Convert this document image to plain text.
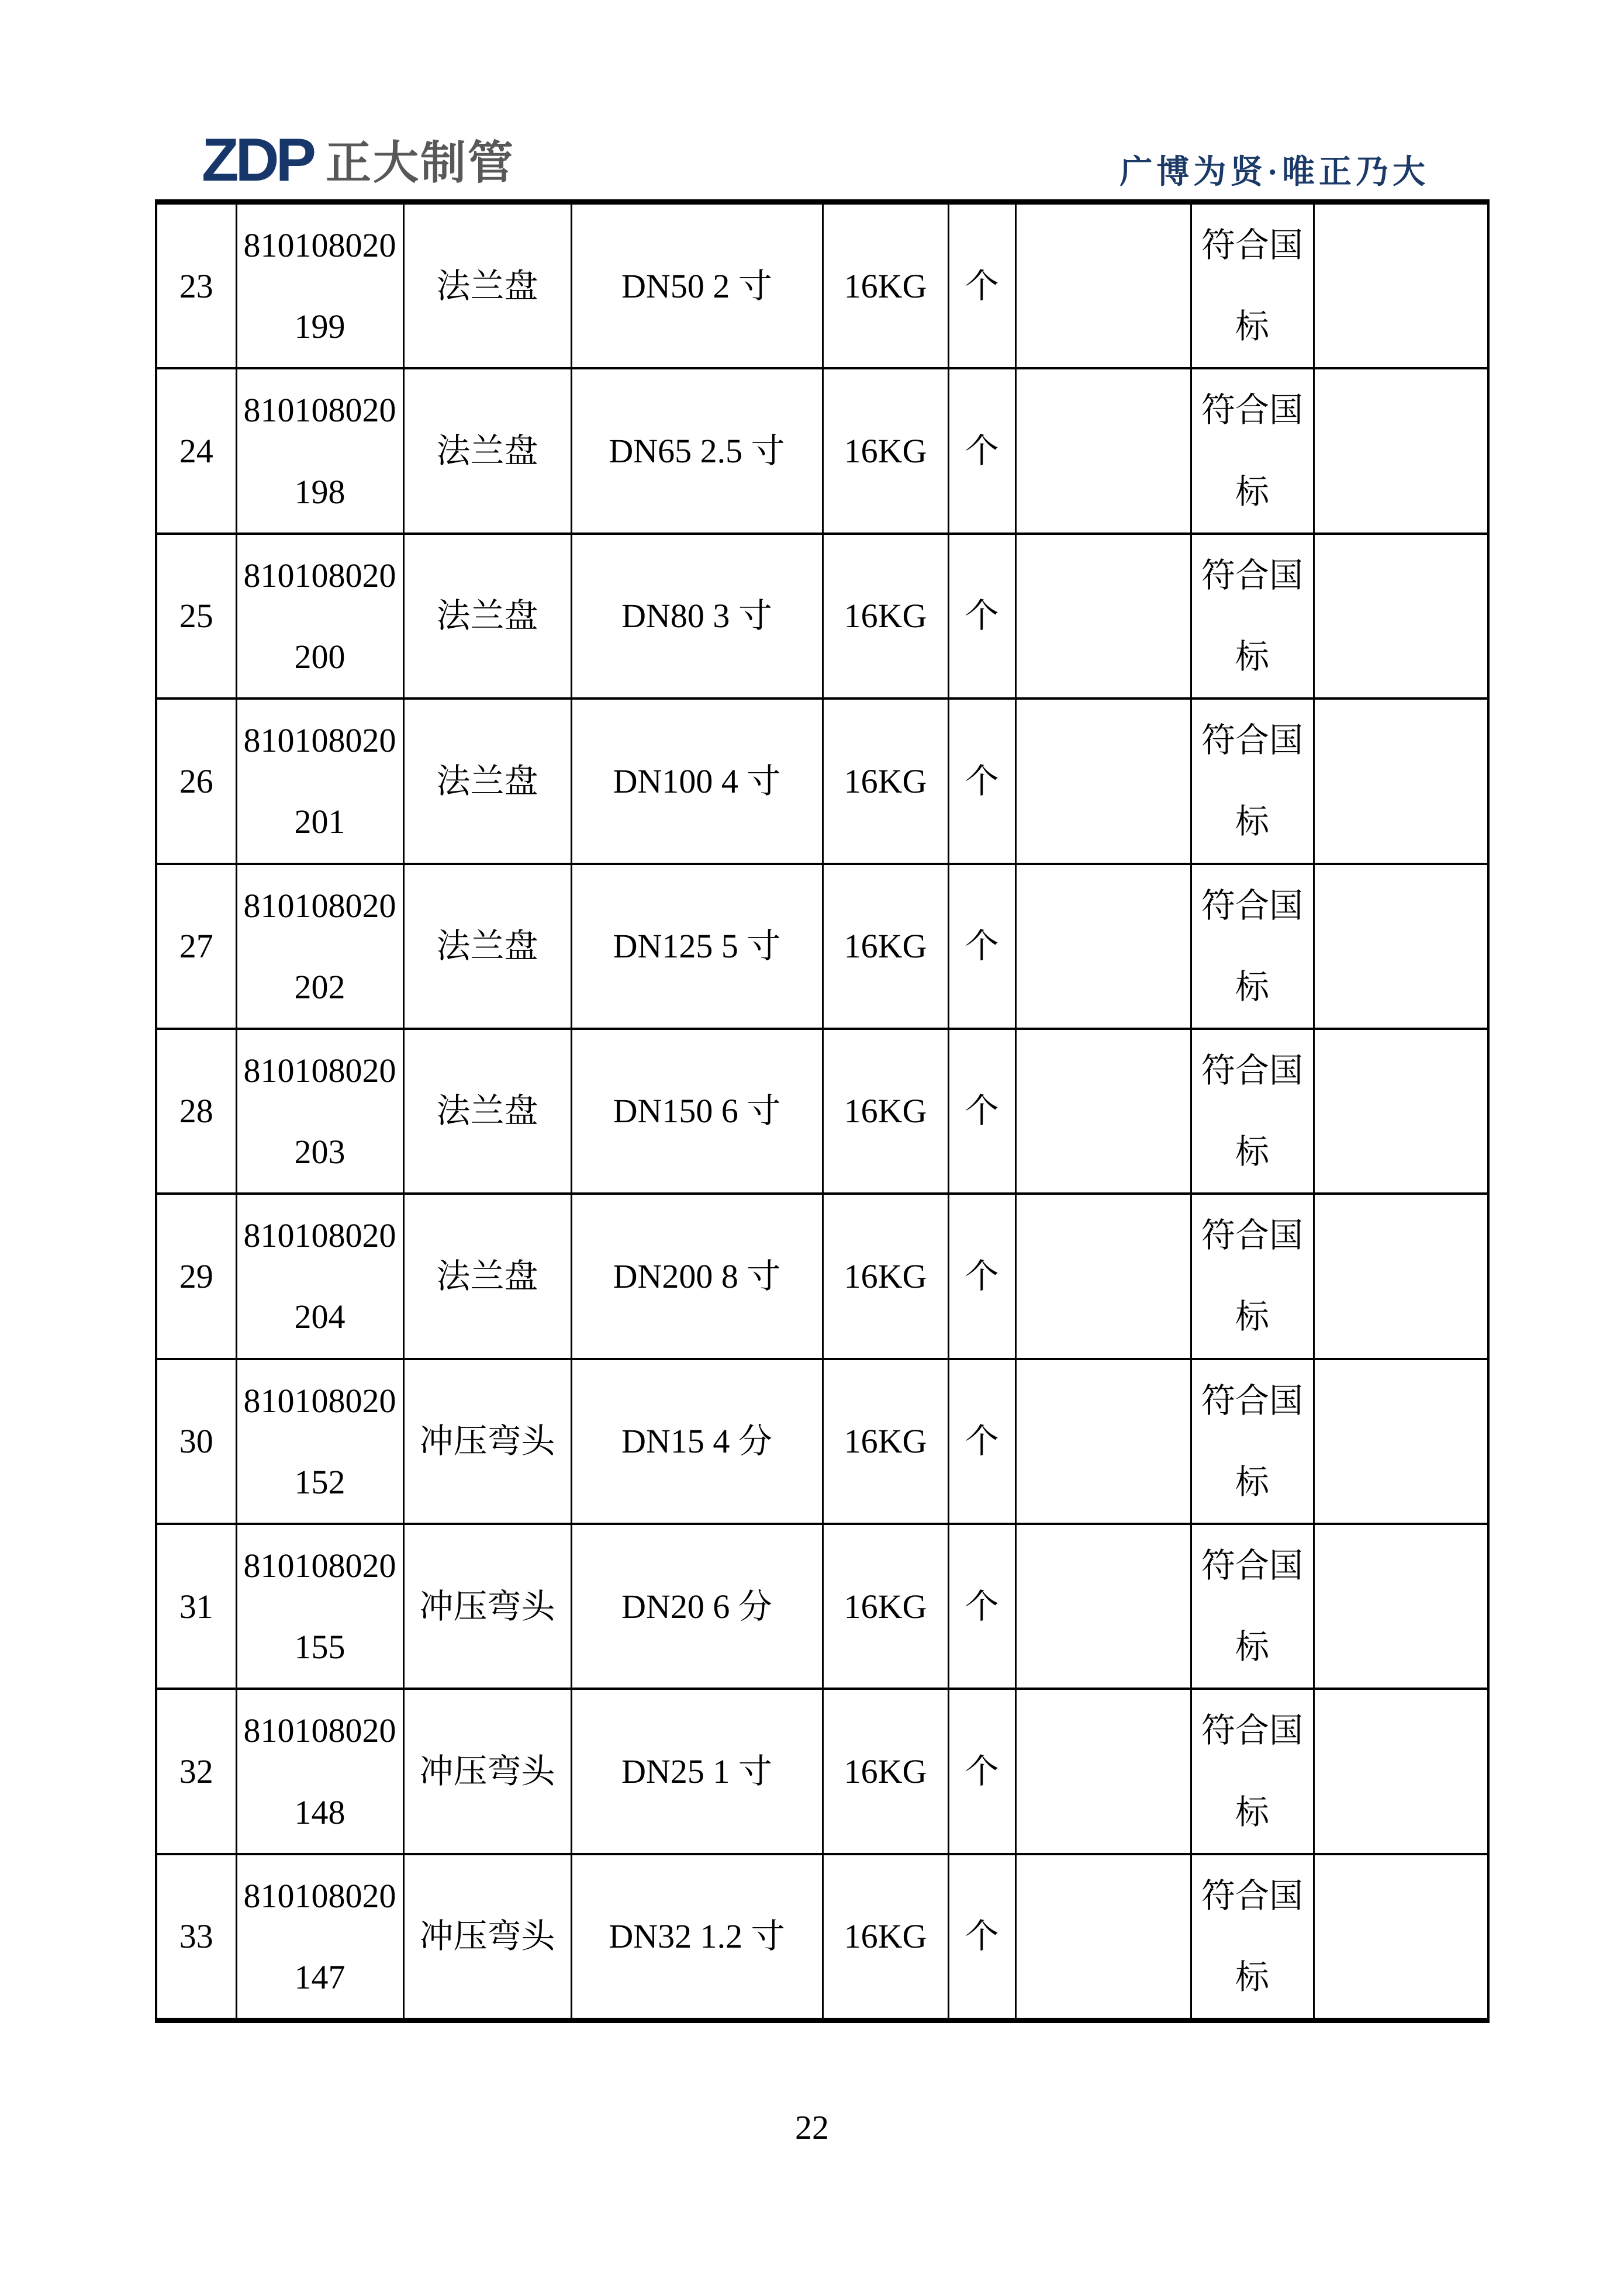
ZDP 正大制管	广博为贤·唯正乃大
23	810108020199	法兰盘	DN50 2 寸	16KG	个		符合国标	
24	810108020198	法兰盘	DN65 2.5 寸	16KG	个		符合国标	
25	810108020200	法兰盘	DN80 3 寸	16KG	个		符合国标	
26	810108020201	法兰盘	DN100 4 寸	16KG	个		符合国标	
27	810108020202	法兰盘	DN125 5 寸	16KG	个		符合国标	
28	810108020203	法兰盘	DN150 6 寸	16KG	个		符合国标	
29	810108020204	法兰盘	DN200 8 寸	16KG	个		符合国标	
30	810108020152	冲压弯头	DN15 4 分	16KG	个		符合国标	
31	810108020155	冲压弯头	DN20 6 分	16KG	个		符合国标	
32	810108020148	冲压弯头	DN25 1 寸	16KG	个		符合国标	
33	810108020147	冲压弯头	DN32 1.2 寸	16KG	个		符合国标	
22
